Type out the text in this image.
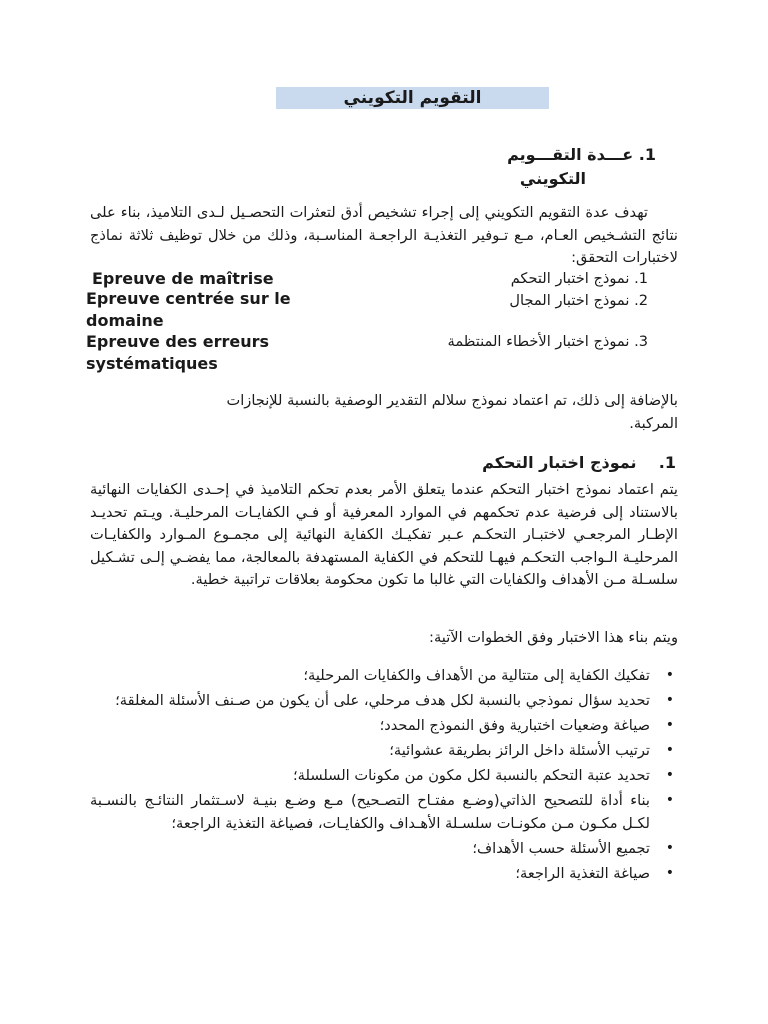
التقويم التكويني
1. عـــدة التقـــويم
التكويني
تهدف عدة التقويم التكويني إلى إجراء تشخيص أدق لتعثرات التحصـيل لـدى التلاميذ، بناء على نتائج التشـخيص العـام، مـع تـوفير التغذيـة الراجعـة المناسـبة، وذلك من خلال توظيف ثلاثة نماذج لاختبارات التحقق:
1. نموذج اختبار التحكم
2. نموذج اختبار المجال
3. نموذج اختبار الأخطاء المنتظمة
Epreuve de maîtrise
Epreuve centrée sur le domaine
Epreuve des erreurs systématiques
بالإضافة إلى ذلك، تم اعتماد نموذج سلالم التقدير الوصفية بالنسبة للإنجازات المركبة.
1.    نموذج اختبار التحكم
يتم اعتماد نموذج اختبار التحكم عندما يتعلق الأمر بعدم تحكم التلاميذ في إحـدى الكفايات النهائية بالاستناد إلى فرضية عدم تحكمهم في الموارد المعرفية أو فـي الكفايـات المرحليـة. ويـتم تحديـد الإطـار المرجعـي لاختبـار التحكـم عـبر تفكيـك الكفاية النهائية إلى مجمـوع المـوارد والكفايـات المرحليـة الـواجب التحكـم فيهـا للتحكم في الكفاية المستهدفة بالمعالجة، مما يفضـي إلـى تشـكيل سلسـلة مـن الأهداف والكفايات التي غالبا ما تكون محكومة بعلاقات تراتبية خطية.
ويتم بناء هذا الاختبار وفق الخطوات الآتية:
•
تفكيك الكفاية إلى متتالية من الأهداف والكفايات المرحلية؛
•
تحديد سؤال نموذجي بالنسبة لكل هدف مرحلي، على أن يكون من صـنف الأسئلة المغلقة؛
•
صياغة وضعيات اختبارية وفق النموذج المحدد؛
•
ترتيب الأسئلة داخل الرائز بطريقة عشوائية؛
•
تحديد عتبة التحكم بالنسبة لكل مكون من مكونات السلسلة؛
•
بناء أداة للتصحيح الذاتي(وضـع مفتـاح التصـحيح) مـع وضـع بنيـة لاسـتثمار النتائـج بالنسـبة لكـل مكـون مـن مكونـات سلسـلة الأهـداف والكفايـات، فصياغة التغذية الراجعة؛
•
تجميع الأسئلة حسب الأهداف؛
•
صياغة التغذية الراجعة؛
